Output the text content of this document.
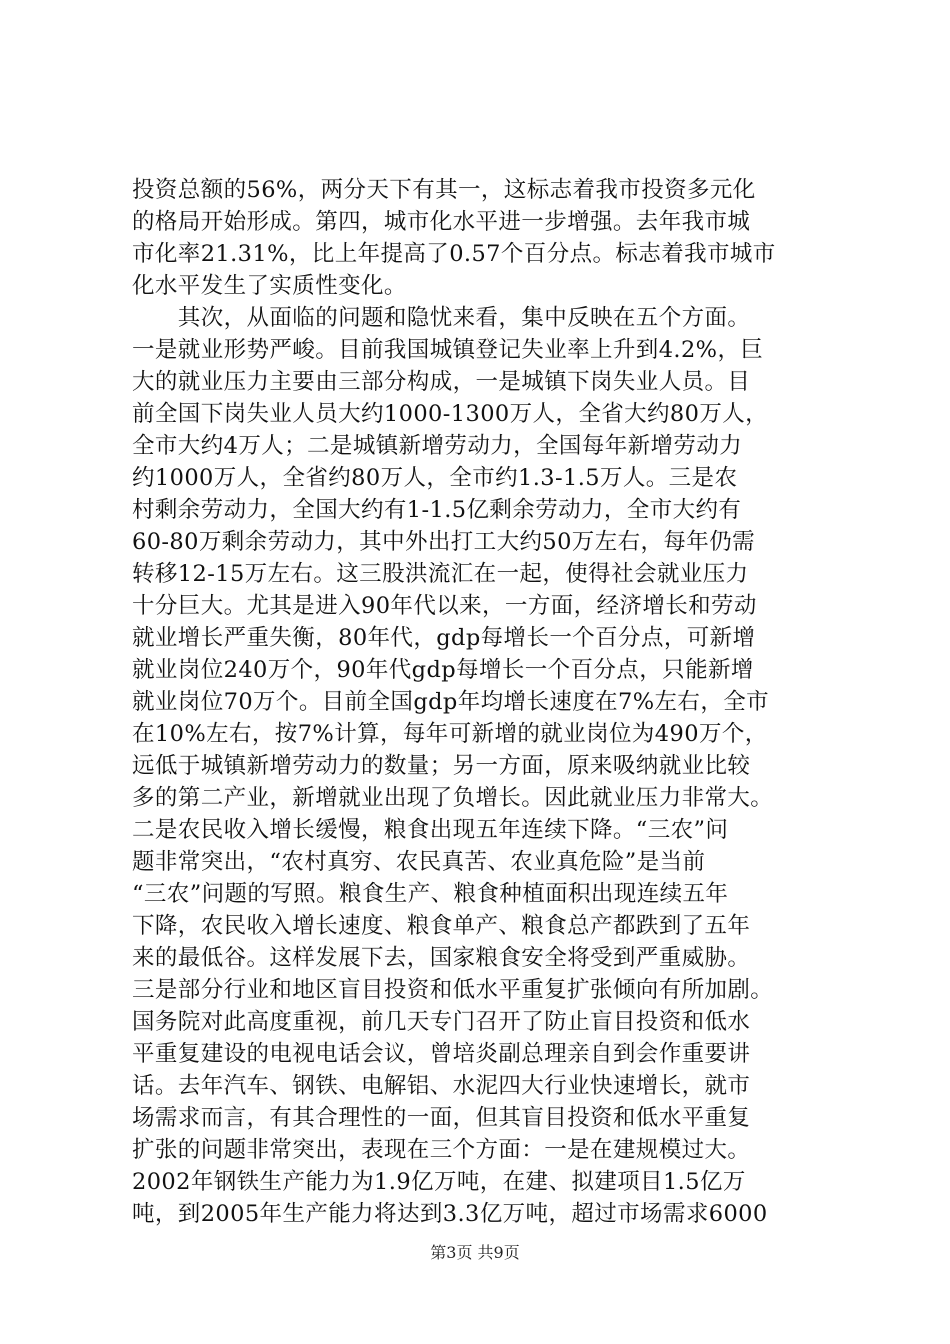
投资总额的56%，两分天下有其一，这标志着我市投资多元化
的格局开始形成。第四，城市化水平进一步增强。去年我市城
市化率21.31%，比上年提高了0.57个百分点。标志着我市城市
化水平发生了实质性变化。
　　其次，从面临的问题和隐忧来看，集中反映在五个方面。
一是就业形势严峻。目前我国城镇登记失业率上升到4.2%，巨
大的就业压力主要由三部分构成，一是城镇下岗失业人员。目
前全国下岗失业人员大约1000-1300万人，全省大约80万人，
全市大约4万人；二是城镇新增劳动力，全国每年新增劳动力
约1000万人，全省约80万人，全市约1.3-1.5万人。三是农
村剩余劳动力，全国大约有1-1.5亿剩余劳动力，全市大约有
60-80万剩余劳动力，其中外出打工大约50万左右，每年仍需
转移12-15万左右。这三股洪流汇在一起，使得社会就业压力
十分巨大。尤其是进入90年代以来，一方面，经济增长和劳动
就业增长严重失衡，80年代，gdp每增长一个百分点，可新增
就业岗位240万个，90年代gdp每增长一个百分点，只能新增
就业岗位70万个。目前全国gdp年均增长速度在7%左右，全市
在10%左右，按7%计算，每年可新增的就业岗位为490万个，
远低于城镇新增劳动力的数量；另一方面，原来吸纳就业比较
多的第二产业，新增就业出现了负增长。因此就业压力非常大。
二是农民收入增长缓慢，粮食出现五年连续下降。“三农”问
题非常突出，“农村真穷、农民真苦、农业真危险”是当前
“三农”问题的写照。粮食生产、粮食种植面积出现连续五年
下降，农民收入增长速度、粮食单产、粮食总产都跌到了五年
来的最低谷。这样发展下去，国家粮食安全将受到严重威胁。
三是部分行业和地区盲目投资和低水平重复扩张倾向有所加剧。
国务院对此高度重视，前几天专门召开了防止盲目投资和低水
平重复建设的电视电话会议，曾培炎副总理亲自到会作重要讲
话。去年汽车、钢铁、电解铝、水泥四大行业快速增长，就市
场需求而言，有其合理性的一面，但其盲目投资和低水平重复
扩张的问题非常突出，表现在三个方面：一是在建规模过大。
2002年钢铁生产能力为1.9亿万吨，在建、拟建项目1.5亿万
吨，到2005年生产能力将达到3.3亿万吨，超过市场需求6000
第3页 共9页
